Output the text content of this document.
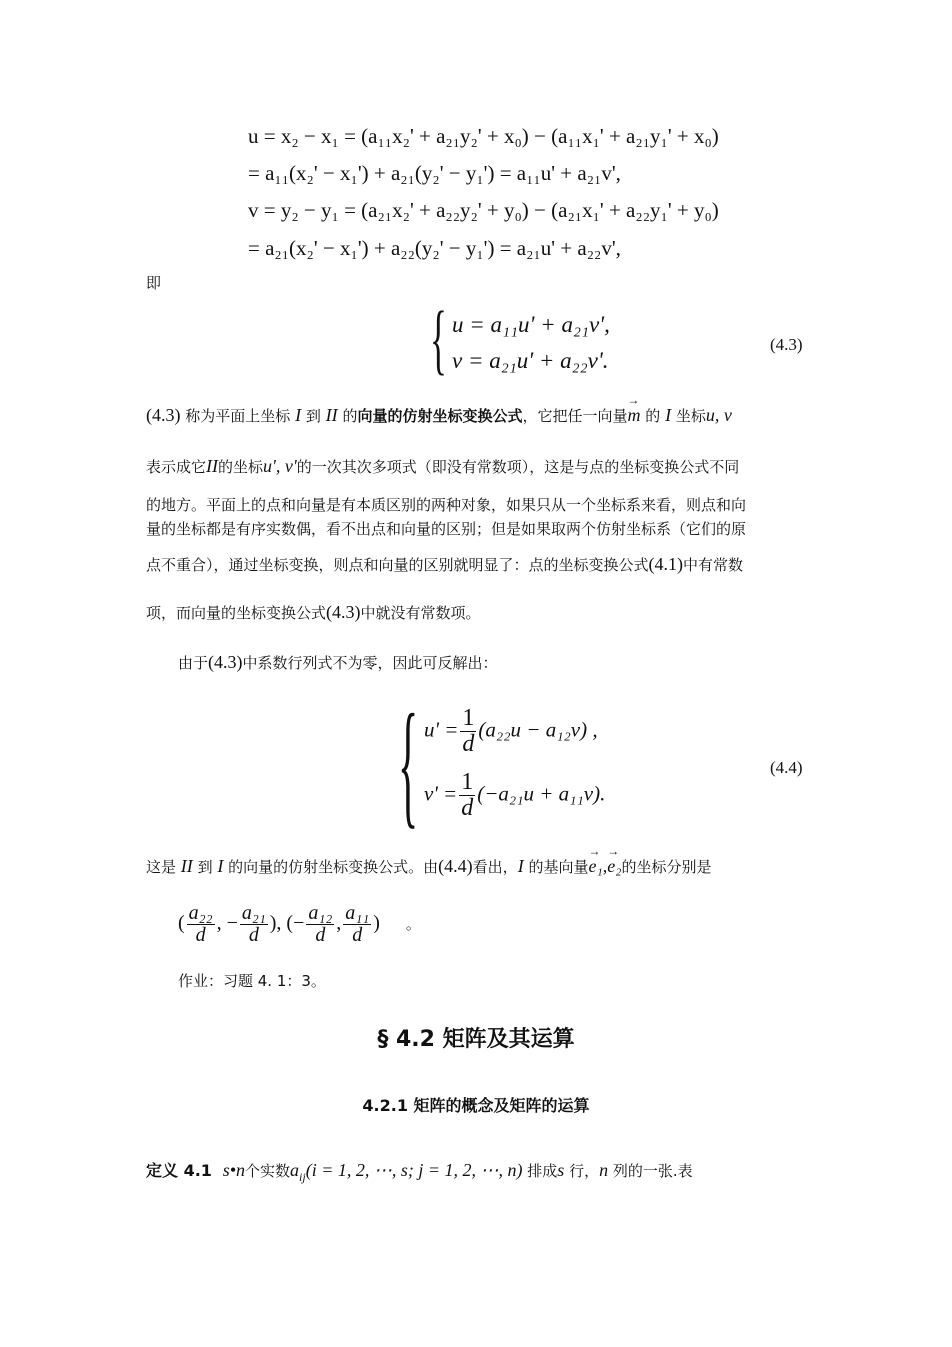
u = x₂ − x₁ = (a₁₁x₂' + a₂₁y₂' + x₀) − (a₁₁x₁' + a₂₁y₁' + x₀)
= a₁₁(x₂' − x₁') + a₂₁(y₂' − y₁') = a₁₁u' + a₂₁v',
v = y₂ − y₁ = (a₂₁x₂' + a₂₂y₂' + y₀) − (a₂₁x₁' + a₂₂y₁' + y₀)
= a₂₁(x₂' − x₁') + a₂₂(y₂' − y₁') = a₂₁u' + a₂₂v',
即
{ u = a₁₁u' + a₂₁v',
v = a₂₁u' + a₂₂v'.
(4.3)
(4.3) 称为平面上坐标 I 到 II 的向量的仿射坐标变换公式，它把任一向量→ m 的 I 坐标u, v
表示成它II的坐标u', v'的一次其次多项式（即没有常数项），这是与点的坐标变换公式不同
的地方。平面上的点和向量是有本质区别的两种对象，如果只从一个坐标系来看，则点和向
量的坐标都是有序实数偶，看不出点和向量的区别；但是如果取两个仿射坐标系（它们的原
点不重合），通过坐标变换，则点和向量的区别就明显了：点的坐标变换公式(4.1)中有常数
项，而向量的坐标变换公式(4.3)中就没有常数项。
由于(4.3)中系数行列式不为零，因此可反解出：
{ $u' = \frac{1}{d} (a_{22}u - a_{12}v)$ ,
$v' = \frac{1}{d} (-a_{21}u + a_{11}v)$.
(4.4)
这是 II 到 I 的向量的仿射坐标变换公式。由(4.4)看出，I 的基向量→ e₁,→ e₂的坐标分别是
( $\frac{\text{a₂₂}}{d}$ , − $\frac{\text{a₂₁}}{d}$ ), (− $\frac{\text{a₁₂}}{d}$ , $\frac{\text{a₁₁}}{d}$ ) 。
作业：习题 4. 1：3。
§ 4.2 矩阵及其运算
4.2.1 矩阵的概念及矩阵的运算
定义 4.1 s•n个实数$a_{ij}(i = 1$, 2, ⋯, s; j = 1, 2, ⋯, n) 排成s 行，n 列的一张.表
